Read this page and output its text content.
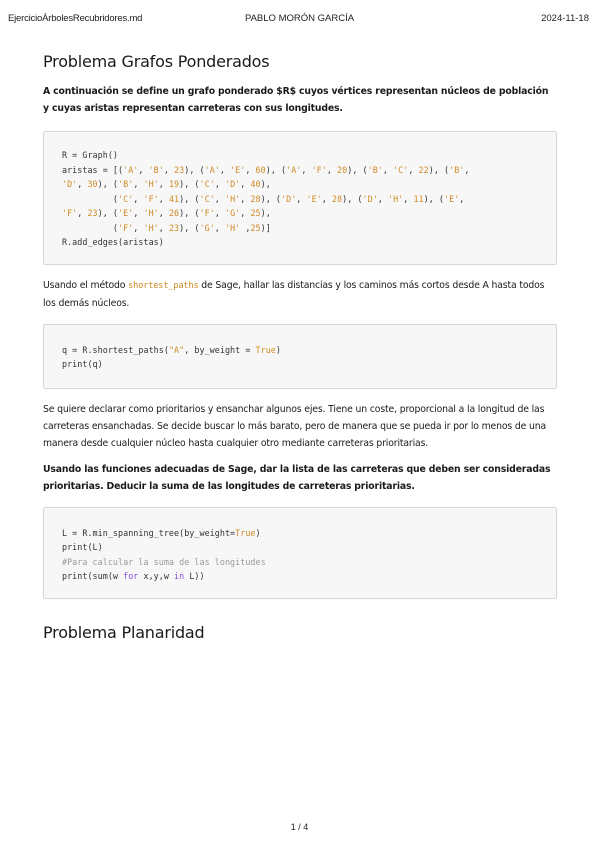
EjercicioÁrbolesRecubridores.md	PABLO MORÓN GARCÍA	2024-11-18
Problema Grafos Ponderados

A continuación se define un grafo ponderado $R$ cuyos vértices representan núcleos de población y cuyas aristas representan carreteras con sus longitudes.

R = Graph()
aristas = [('A', 'B', 23), ('A', 'E', 60), ('A', 'F', 20), ('B', 'C', 22), ('B',
'D', 30), ('B', 'H', 19), ('C', 'D', 40),
('C', 'F', 41), ('C', 'H', 28), ('D', 'E', 28), ('D', 'H', 11), ('E',
'F', 23), ('E', 'H', 26), ('F', 'G', 25),
('F', 'H', 23), ('G', 'H' ,25)]
R.add_edges(aristas)

Usando el método shortest_paths de Sage, hallar las distancias y los caminos más cortos desde A hasta todos los demás núcleos.

q = R.shortest_paths("A", by_weight = True)
print(q)

Se quiere declarar como prioritarios y ensanchar algunos ejes. Tiene un coste, proporcional a la longitud de las carreteras ensanchadas. Se decide buscar lo más barato, pero de manera que se pueda ir por lo menos de una manera desde cualquier núcleo hasta cualquier otro mediante carreteras prioritarias.

Usando las funciones adecuadas de Sage, dar la lista de las carreteras que deben ser consideradas prioritarias. Deducir la suma de las longitudes de carreteras prioritarias.

L = R.min_spanning_tree(by_weight=True)
print(L)
#Para calcular la suma de las longitudes
print(sum(w for x,y,w in L))
Problema Planaridad
1 / 4
